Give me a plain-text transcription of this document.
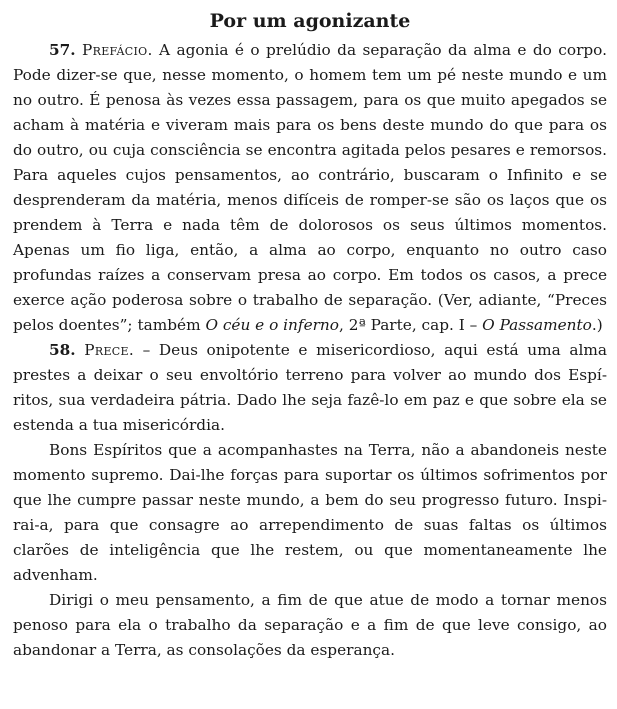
Por um agonizante

57. Prefácio. A agonia é o prelúdio da separação da alma e do corpo. Pode dizer-se que, nesse momento, o homem tem um pé neste mundo e um no outro. É penosa às vezes essa passagem, para os que muito apegados se acham à matéria e viveram mais para os bens deste mundo do que para os do outro, ou cuja consciência se encontra agitada pelos pesares e remorsos. Para aqueles cujos pensamentos, ao contrário, buscaram o Infinito e se desprenderam da matéria, menos difíceis de romper-se são os laços que os prendem à Terra e nada têm de dolorosos os seus últimos momentos. Apenas um fio liga, então, a alma ao corpo, enquanto no outro caso profundas raízes a conservam presa ao corpo. Em todos os casos, a prece exerce ação poderosa sobre o trabalho de separação. (Ver, adiante, “Preces pelos doentes”; também O céu e o inferno, 2ª Parte, cap. I – O Passamento.)

58. Prece. – Deus onipotente e misericordioso, aqui está uma alma prestes a deixar o seu envoltório terreno para volver ao mundo dos Espíritos, sua verdadeira pátria. Dado lhe seja fazê-lo em paz e que sobre ela se estenda a tua misericórdia.

Bons Espíritos que a acompanhastes na Terra, não a abandoneis neste momento supremo. Dai-lhe forças para suportar os últimos sofrimentos por que lhe cumpre passar neste mundo, a bem do seu progresso futuro. Inspirai-a, para que consagre ao arrependimento de suas faltas os últimos clarões de inteligência que lhe restem, ou que momentaneamente lhe advenham.

Dirigi o meu pensamento, a fim de que atue de modo a tornar menos penoso para ela o trabalho da separação e a fim de que leve consigo, ao abandonar a Terra, as consolações da esperança.
